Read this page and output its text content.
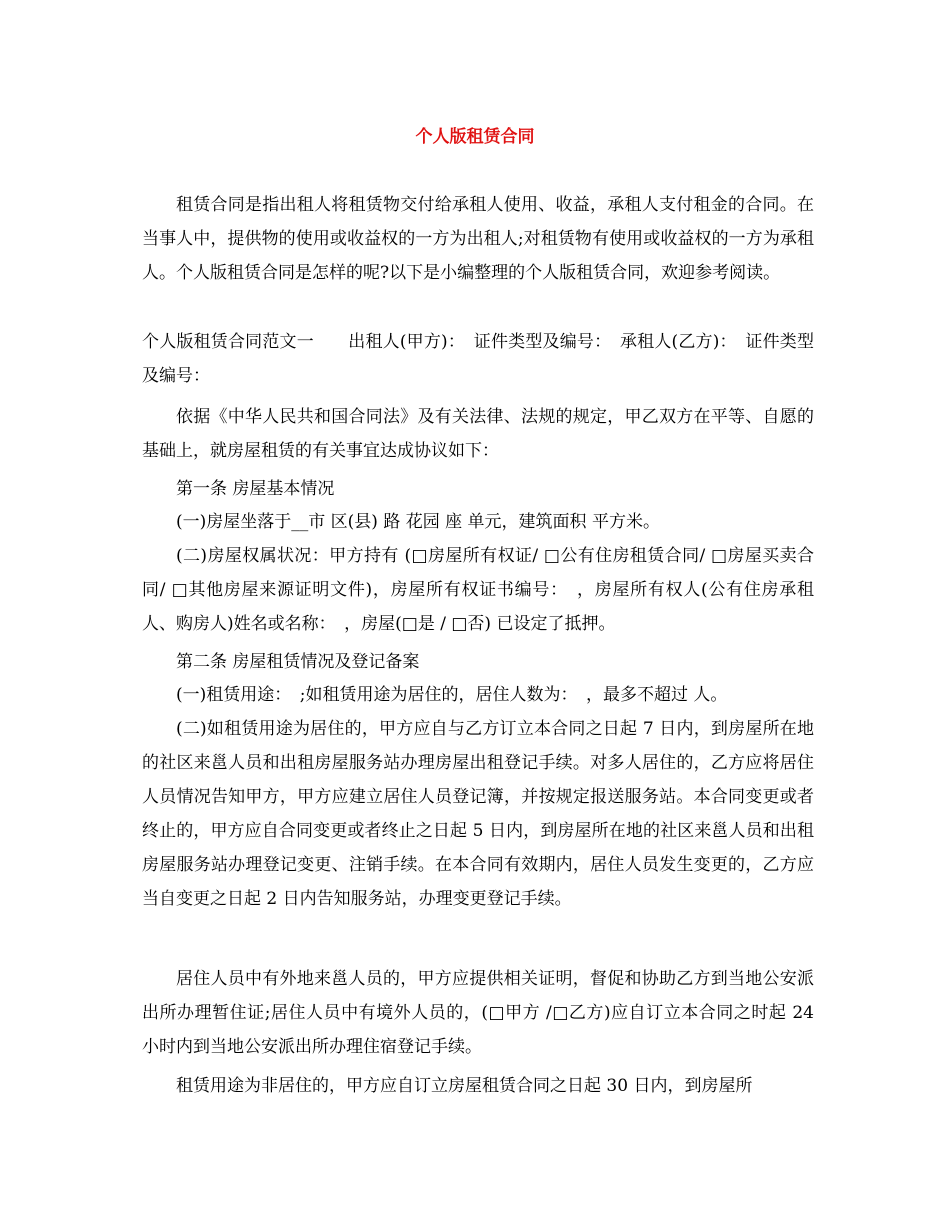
个人版租赁合同

租赁合同是指出租人将租赁物交付给承租人使用、收益，承租人支付租金的合同。在当事人中，提供物的使用或收益权的一方为出租人;对租赁物有使用或收益权的一方为承租人。个人版租赁合同是怎样的呢?以下是小编整理的个人版租赁合同，欢迎参考阅读。

个人版租赁合同范文一　　出租人(甲方)：　证件类型及编号：　承租人(乙方)：　证件类型及编号：

依据《中华人民共和国合同法》及有关法律、法规的规定，甲乙双方在平等、自愿的基础上，就房屋租赁的有关事宜达成协议如下：

第一条 房屋基本情况

(一)房屋坐落于__市 区(县) 路 花园 座 单元，建筑面积 平方米。

(二)房屋权属状况：甲方持有 (□房屋所有权证/ □公有住房租赁合同/ □房屋买卖合同/ □其他房屋来源证明文件)，房屋所有权证书编号：　，房屋所有权人(公有住房承租人、购房人)姓名或名称：　，房屋(□是 / □否) 已设定了抵押。

第二条 房屋租赁情况及登记备案

(一)租赁用途：　;如租赁用途为居住的，居住人数为：　，最多不超过 人。

(二)如租赁用途为居住的，甲方应自与乙方订立本合同之日起 7 日内，到房屋所在地的社区来邕人员和出租房屋服务站办理房屋出租登记手续。对多人居住的，乙方应将居住人员情况告知甲方，甲方应建立居住人员登记簿，并按规定报送服务站。本合同变更或者终止的，甲方应自合同变更或者终止之日起 5 日内，到房屋所在地的社区来邕人员和出租房屋服务站办理登记变更、注销手续。在本合同有效期内，居住人员发生变更的，乙方应当自变更之日起 2 日内告知服务站，办理变更登记手续。

居住人员中有外地来邕人员的，甲方应提供相关证明，督促和协助乙方到当地公安派出所办理暂住证;居住人员中有境外人员的，(□甲方 /□乙方)应自订立本合同之时起 24 小时内到当地公安派出所办理住宿登记手续。

租赁用途为非居住的，甲方应自订立房屋租赁合同之日起 30 日内，到房屋所
